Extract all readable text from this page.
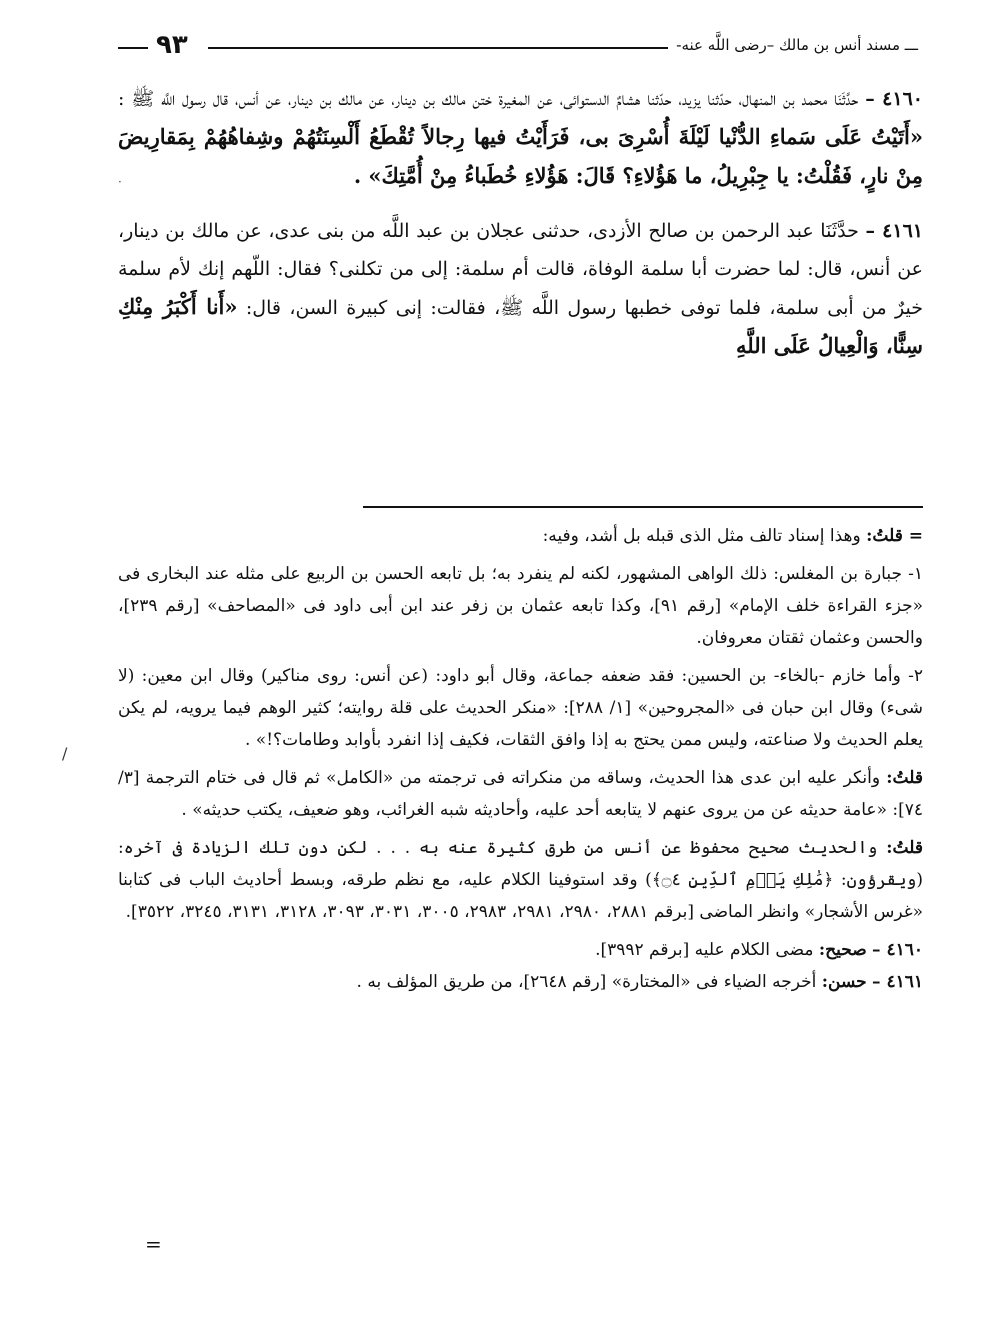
ـــ مسند أنس بن مالك –رضى اللَّه عنه-
٩٣
·
/

٤١٦٠ – حدَّثَنَا محمد بن المنهال، حدّثنا يزيد، حدّثنا هشامٌ الدستوائى، عن المغيرة ختن مالك بن دينار، عن مالك بن دينار، عن أنس، قال رسول اللَّه ﷺ : «أَتَيْتُ عَلَى سَماءِ الدُّنْيا لَيْلَةَ أُسْرِىَ بى، فَرَأَيْتُ فيها رِجالاً تُقْطَعُ أَلْسِنَتُهُمْ وشِفاهُهُمْ بِمَقارِيضَ مِنْ نارٍ، فَقُلْتُ: يا جِبْرِيلُ، ما هَؤُلاءِ؟ قَالَ: هَؤُلاءِ خُطَباءُ مِنْ أُمَّتِكَ» .

٤١٦١ – حدَّثَنَا عبد الرحمن بن صالح الأزدى، حدثنى عجلان بن عبد اللَّه من بنى عدى، عن مالك بن دينار، عن أنس، قال: لما حضرت أبا سلمة الوفاة، قالت أم سلمة: إلى من تكلنى؟ فقال: اللّهم إنك لأم سلمة خيرٌ من أبى سلمة، فلما توفى خطبها رسول اللَّه ﷺ، فقالت: إنى كبيرة السن، قال: «أَنا أَكْبَرُ مِنْكِ سِنًّا، وَالْعِيالُ عَلَى اللَّهِ

= قلتُ: وهذا إسناد تالف مثل الذى قبله بل أشد، وفيه:

١- جبارة بن المغلس: ذلك الواهى المشهور، لكنه لم ينفرد به؛ بل تابعه الحسن بن الربيع على مثله عند البخارى فى «جزء القراءة خلف الإمام» [رقم ٩١]، وكذا تابعه عثمان بن زفر عند ابن أبى داود فى «المصاحف» [رقم ٢٣٩]، والحسن وعثمان ثقتان معروفان.

٢- وأما خازم -بالخاء- بن الحسين: فقد ضعفه جماعة، وقال أبو داود: (عن أنس: روى مناكير) وقال ابن معين: (لا شىء) وقال ابن حبان فى «المجروحين» [١/ ٢٨٨]: «منكر الحديث على قلة روايته؛ كثير الوهم فيما يرويه، لم يكن يعلم الحديث ولا صناعته، وليس ممن يحتج به إذا وافق الثقات، فكيف إذا انفرد بأوابد وطامات؟!» .

قلتُ: وأنكر عليه ابن عدى هذا الحديث، وساقه من منكراته فى ترجمته من «الكامل» ثم قال فى ختام الترجمة [٣/ ٧٤]: «عامة حديثه عن من يروى عنهم لا يتابعه أحد عليه، وأحاديثه شبه الغرائب، وهو ضعيف، يكتب حديثه» .

قلتُ: والحديث صحيح محفوظ عن أنس من طرق كثيرة عنه به . . . لكن دون تلك الزيادة فى آخره: (ويقرؤون: ﴿مَٰلِكِ يَوۡمِ ٱلدِّينِ ۝٤﴾) وقد استوفينا الكلام عليه، مع نظم طرقه، وبسط أحاديث الباب فى كتابنا «غرس الأشجار» وانظر الماضى [برقم ٢٨٨١، ٢٩٨٠، ٢٩٨١، ٢٩٨٣، ٣٠٠٥، ٣٠٣١، ٣٠٩٣، ٣١٢٨، ٣١٣١، ٣٢٤٥، ٣٥٢٢].

٤١٦٠ – صحيح: مضى الكلام عليه [برقم ٣٩٩٢].

٤١٦١ – حسن: أخرجه الضياء فى «المختارة» [رقم ٢٦٤٨]، من طريق المؤلف به .

=
